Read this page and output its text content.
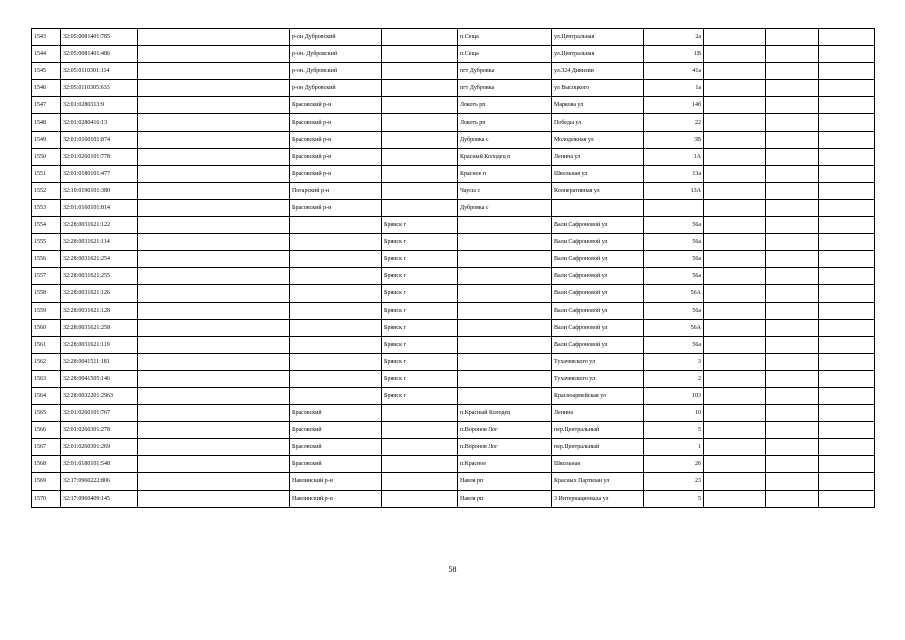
1543	32:05:0081401:785		р-он Дубровский		п.Сеща	ул.Центральная	2а			
1544	32:05:0081401:486		р-он. Дубровский		п.Сеща	ул.Центральная	1В			
1545	32:05:0110301:114		р-он. Дубровский		пгт Дубровка	ул.324 Дивизии	41а			
1546	32:05:0110305:633		р-он Дубровский		пгт Дубровка	ул Высоцкого	1а			
1547	32:01:0280313:9		Брасовский р-н		Локоть рп	Маркова ул	14б			
1548	32:01:0280416:13		Брасовский р-н		Локоть рп	Победы ул	22			
1549	32:01:0160101:874		Брасовский р-н		Дубровка с	Молодежная ул	3В			
1550	32:01:0260101:778		Брасовский р-н		Красный Колодец п	Ленина ул	1А			
1551	32:01:0180101:477		Брасовский р-н		Красное п	Школьная ул	13а			
1552	32:10:0190101:380		Погарский р-н		Чаусы с	Кооперативная ул	13А			
1553	32:01:0160101:814		Брасовский р-н		Дубровка с					
1554	32:28:0031621:122			Брянск г		Вали Сафроновой ул	56а			
1555	32:28:0031621:114			Брянск г		Вали Сафроновой ул	56а			
1556	32:28:0031621:254			Брянск г		Вали Сафроновой ул	56а			
1557	32:28:0031621:255			Брянск г		Вали Сафроновой ул	56а			
1558	32:28:0031621:126			Брянск г		Вали Сафроновой ул	56А			
1559	32:28:0031621:128			Брянск г		Вали Сафроновой ул	56а			
1560	32:28:0031621:258			Брянск г		Вали Сафроновой ул	56А			
1561	32:28:0031621:119			Брянск г		Вали Сафроновой ул	56а			
1562	32:28:0041511:181			Брянск г		Тухачевского ул	3			
1563	32:28:0041505:146			Брянск г		Тухачевского ул	2			
1564	32:28:0032201:2963			Брянск г		Красноармейская ул	103			
1565	32:01:0260101:767		Брасовский		п.Красный Колодец	Ленина	10			
1566	32:01:0260301:278		Брасовский		п.Воронов Лог	пер.Центральный	5			
1567	32:01:0260301:269		Брасовский		п.Воронов Лог	пер.Центральный	1			
1568	32:01:0180101:548		Брасовский		п.Красное	Школьная	26			
1569	32:17:0960222:806		Навлинский р-н		Навля рп	Красных Партизан ул	23			
1570	32:17:0960409:145		Навлинский р-н		Навля рп	3 Интернационала ул	5			
58
